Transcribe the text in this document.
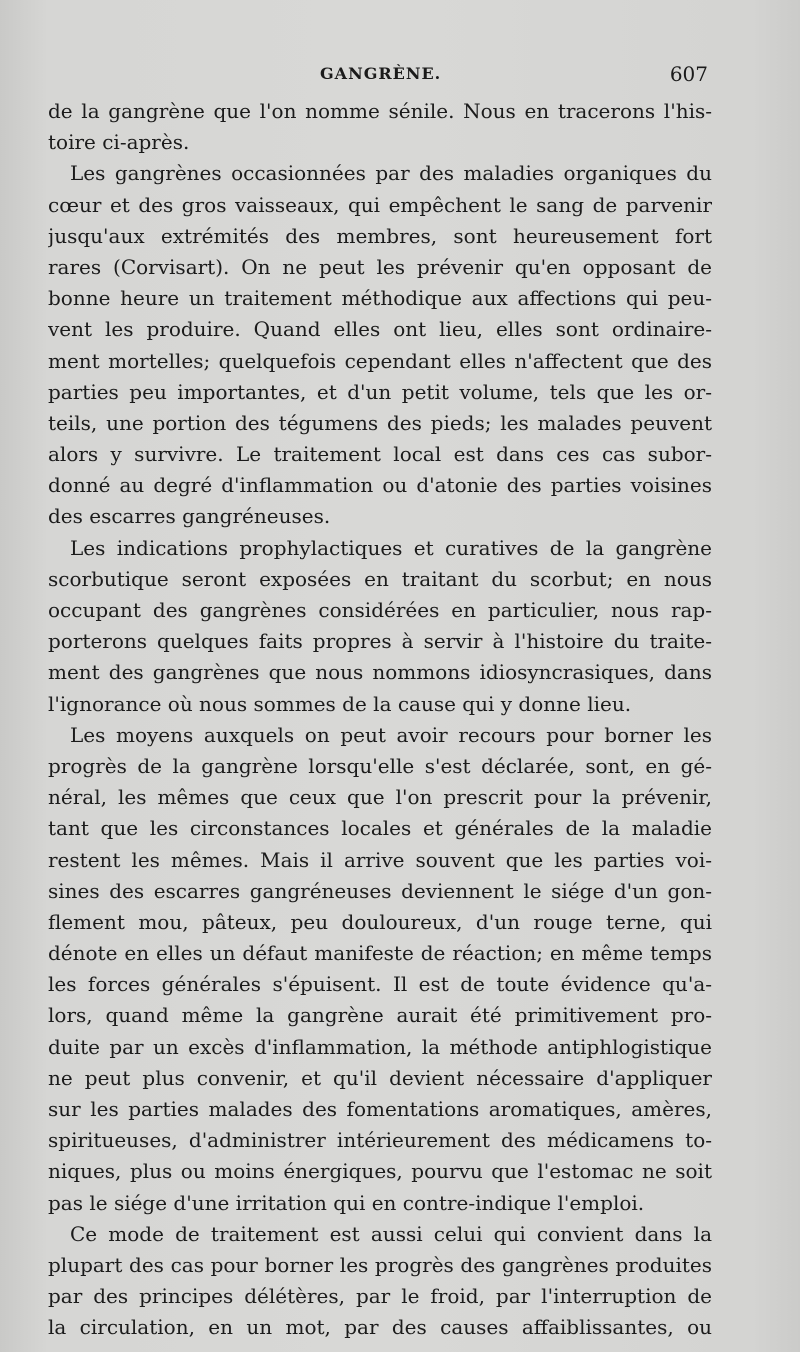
GANGRÈNE.	607
de la gangrène que l'on nomme sénile. Nous en tracerons l'his-
toire ci-après.
Les gangrènes occasionnées par des maladies organiques du
cœur et des gros vaisseaux, qui empêchent le sang de parvenir
jusqu'aux extrémités des membres, sont heureusement fort
rares (Corvisart). On ne peut les prévenir qu'en opposant de
bonne heure un traitement méthodique aux affections qui peu-
vent les produire. Quand elles ont lieu, elles sont ordinaire-
ment mortelles; quelquefois cependant elles n'affectent que des
parties peu importantes, et d'un petit volume, tels que les or-
teils, une portion des tégumens des pieds; les malades peuvent
alors y survivre. Le traitement local est dans ces cas subor-
donné au degré d'inflammation ou d'atonie des parties voisines
des escarres gangréneuses.
Les indications prophylactiques et curatives de la gangrène
scorbutique seront exposées en traitant du scorbut; en nous
occupant des gangrènes considérées en particulier, nous rap-
porterons quelques faits propres à servir à l'histoire du traite-
ment des gangrènes que nous nommons idiosyncrasiques, dans
l'ignorance où nous sommes de la cause qui y donne lieu.
Les moyens auxquels on peut avoir recours pour borner les
progrès de la gangrène lorsqu'elle s'est déclarée, sont, en gé-
néral, les mêmes que ceux que l'on prescrit pour la prévenir,
tant que les circonstances locales et générales de la maladie
restent les mêmes. Mais il arrive souvent que les parties voi-
sines des escarres gangréneuses deviennent le siége d'un gon-
flement mou, pâteux, peu douloureux, d'un rouge terne, qui
dénote en elles un défaut manifeste de réaction; en même temps
les forces générales s'épuisent. Il est de toute évidence qu'a-
lors, quand même la gangrène aurait été primitivement pro-
duite par un excès d'inflammation, la méthode antiphlogistique
ne peut plus convenir, et qu'il devient nécessaire d'appliquer
sur les parties malades des fomentations aromatiques, amères,
spiritueuses, d'administrer intérieurement des médicamens to-
niques, plus ou moins énergiques, pourvu que l'estomac ne soit
pas le siége d'une irritation qui en contre-indique l'emploi.
Ce mode de traitement est aussi celui qui convient dans la
plupart des cas pour borner les progrès des gangrènes produites
par des principes délétères, par le froid, par l'interruption de
la circulation, en un mot, par des causes affaiblissantes, ou
